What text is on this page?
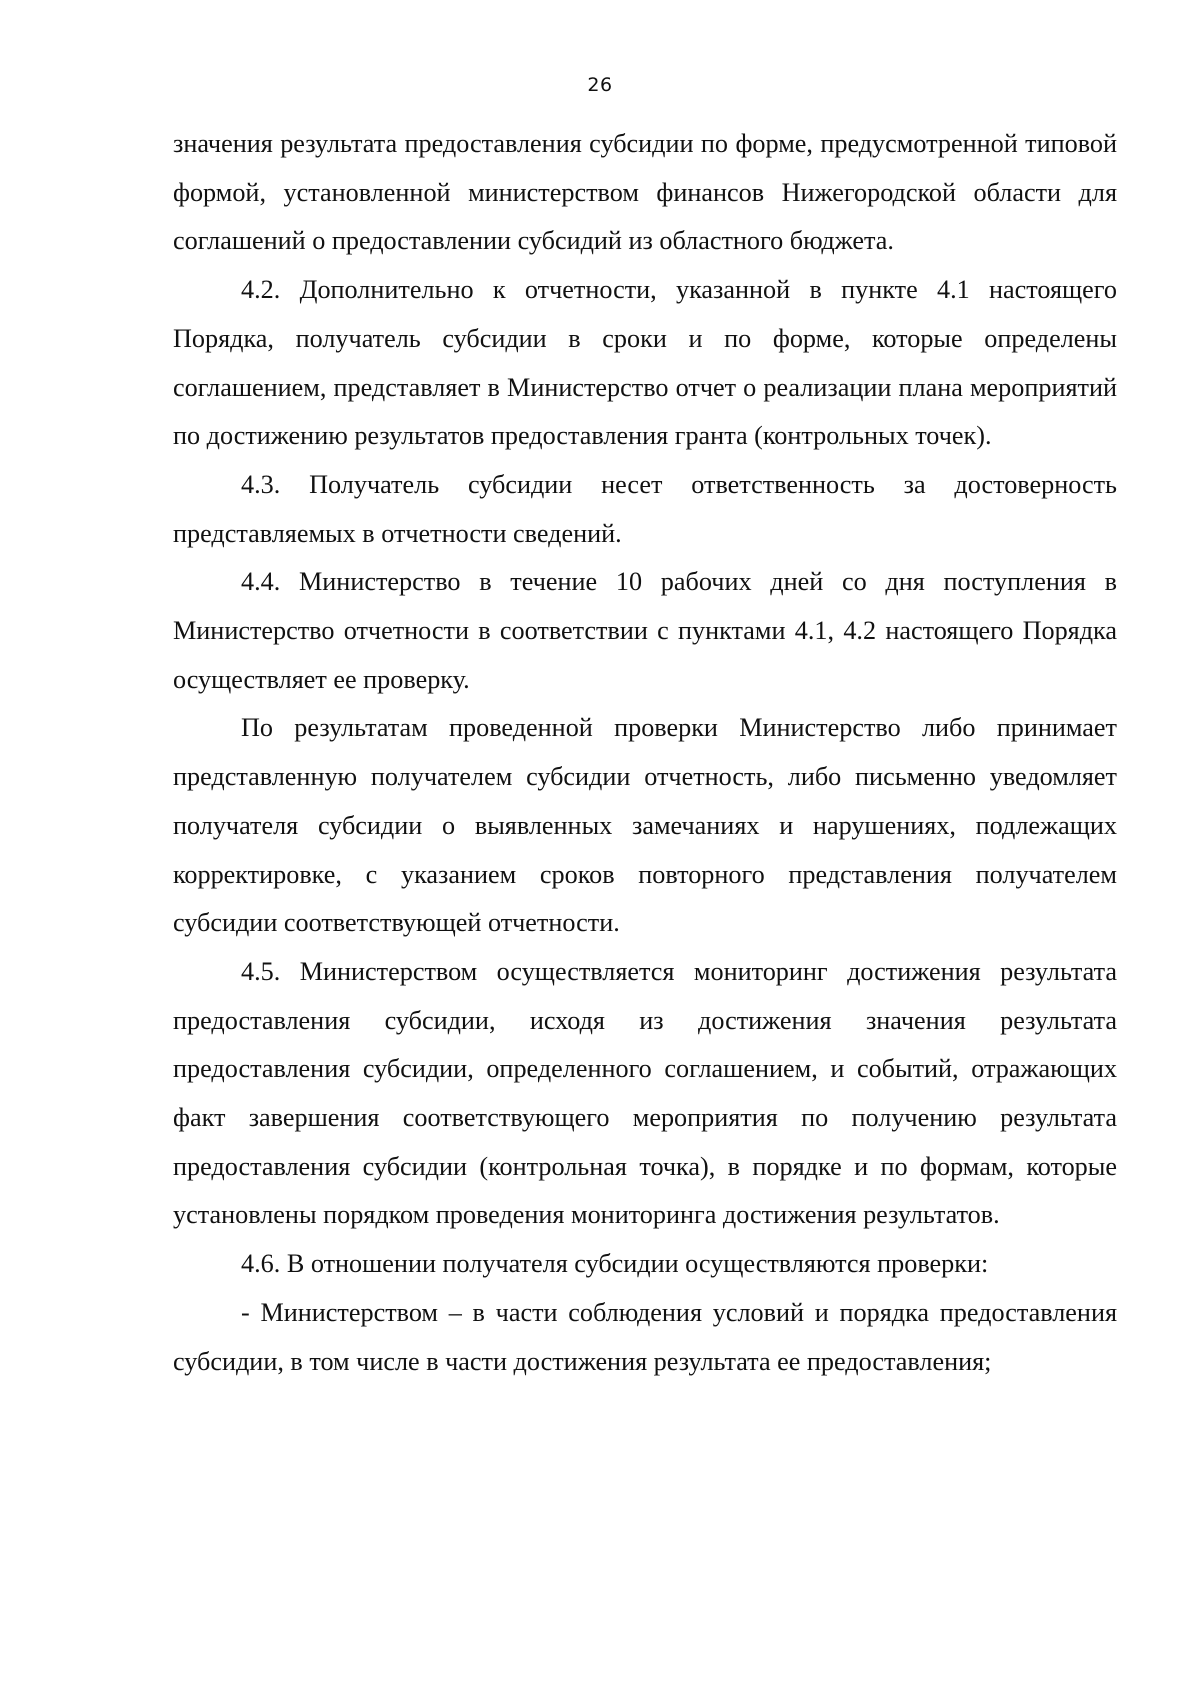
26

значения результата предоставления субсидии по форме, предусмотренной типовой формой, установленной министерством финансов Нижегородской области для соглашений о предоставлении субсидий из областного бюджета.

4.2. Дополнительно к отчетности, указанной в пункте 4.1 настоящего Порядка, получатель субсидии в сроки и по форме, которые определены соглашением, представляет в Министерство отчет о реализации плана мероприятий по достижению результатов предоставления гранта (контрольных точек).

4.3. Получатель субсидии несет ответственность за достоверность представляемых в отчетности сведений.

4.4. Министерство в течение 10 рабочих дней со дня поступления в Министерство отчетности в соответствии с пунктами 4.1, 4.2 настоящего Порядка осуществляет ее проверку.

По результатам проведенной проверки Министерство либо принимает представленную получателем субсидии отчетность, либо письменно уведомляет получателя субсидии о выявленных замечаниях и нарушениях, подлежащих корректировке, с указанием сроков повторного представления получателем субсидии соответствующей отчетности.

4.5. Министерством осуществляется мониторинг достижения результата предоставления субсидии, исходя из достижения значения результата предоставления субсидии, определенного соглашением, и событий, отражающих факт завершения соответствующего мероприятия по получению результата предоставления субсидии (контрольная точка), в порядке и по формам, которые установлены порядком проведения мониторинга достижения результатов.

4.6. В отношении получателя субсидии осуществляются проверки:

- Министерством – в части соблюдения условий и порядка предоставления субсидии, в том числе в части достижения результата ее предоставления;
